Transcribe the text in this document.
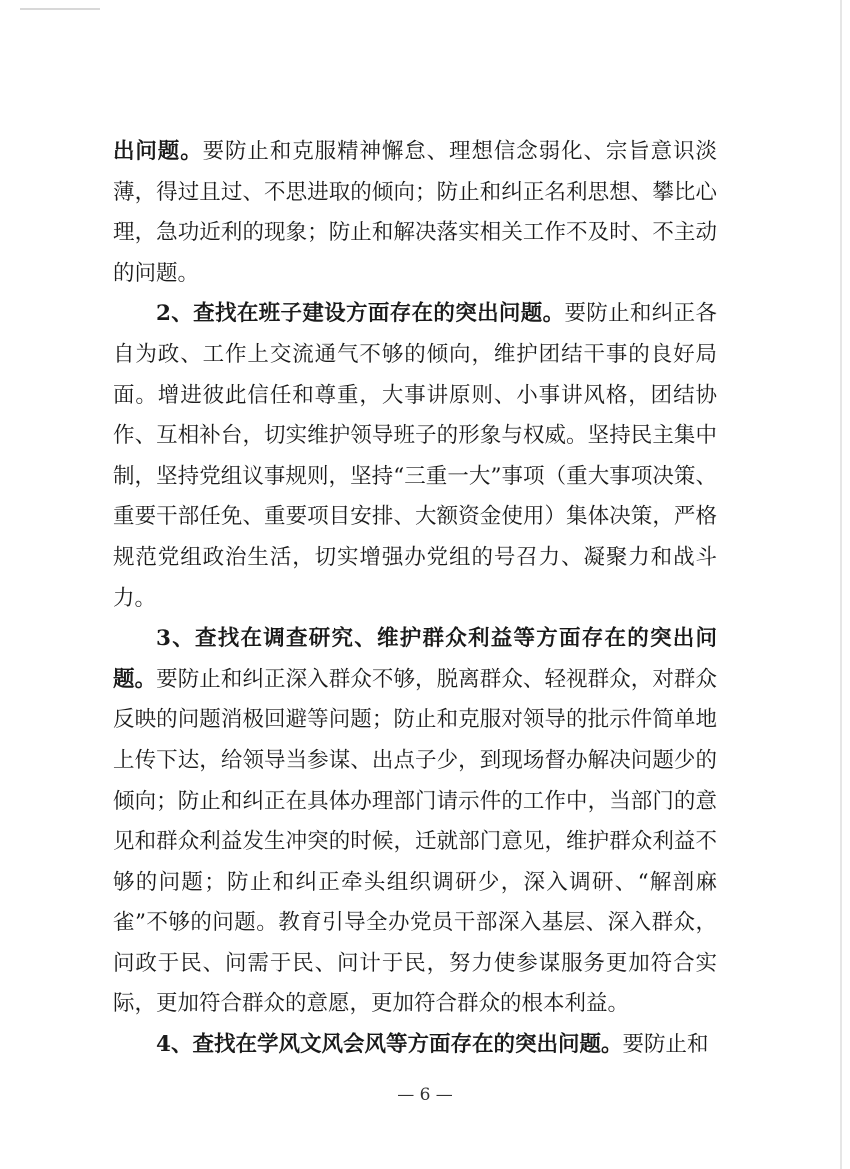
出问题。要防止和克服精神懈怠、理想信念弱化、宗旨意识淡薄，得过且过、不思进取的倾向；防止和纠正名利思想、攀比心理，急功近利的现象；防止和解决落实相关工作不及时、不主动的问题。

2、查找在班子建设方面存在的突出问题。要防止和纠正各自为政、工作上交流通气不够的倾向，维护团结干事的良好局面。增进彼此信任和尊重，大事讲原则、小事讲风格，团结协作、互相补台，切实维护领导班子的形象与权威。坚持民主集中制，坚持党组议事规则，坚持“三重一大”事项（重大事项决策、重要干部任免、重要项目安排、大额资金使用）集体决策，严格规范党组政治生活，切实增强办党组的号召力、凝聚力和战斗力。

3、查找在调查研究、维护群众利益等方面存在的突出问题。要防止和纠正深入群众不够，脱离群众、轻视群众，对群众反映的问题消极回避等问题；防止和克服对领导的批示件简单地上传下达，给领导当参谋、出点子少，到现场督办解决问题少的倾向；防止和纠正在具体办理部门请示件的工作中，当部门的意见和群众利益发生冲突的时候，迁就部门意见，维护群众利益不够的问题；防止和纠正牵头组织调研少，深入调研、“解剖麻雀”不够的问题。教育引导全办党员干部深入基层、深入群众，问政于民、问需于民、问计于民，努力使参谋服务更加符合实际，更加符合群众的意愿，更加符合群众的根本利益。

4、查找在学风文风会风等方面存在的突出问题。要防止和

— 6 —
